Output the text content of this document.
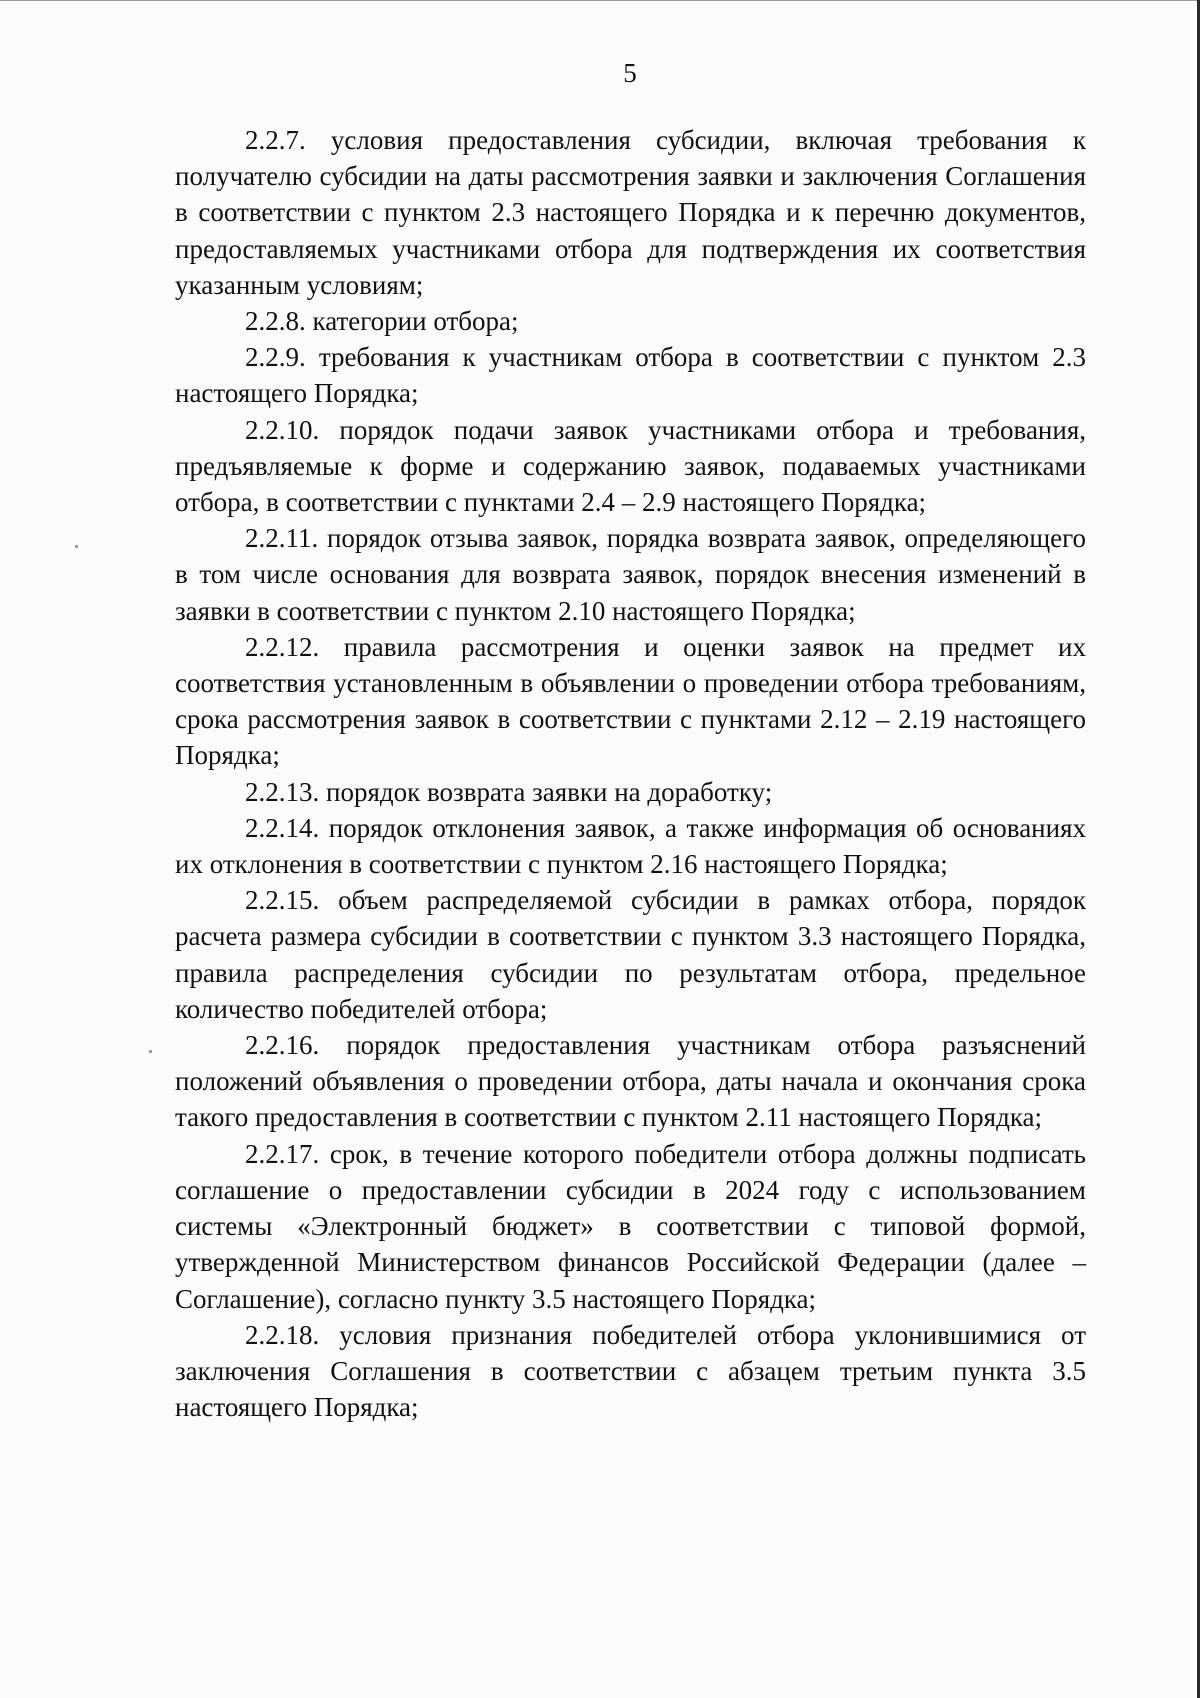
5

2.2.7. условия предоставления субсидии, включая требования к получателю субсидии на даты рассмотрения заявки и заключения Соглашения в соответствии с пунктом 2.3 настоящего Порядка и к перечню документов, предоставляемых участниками отбора для подтверждения их соответствия указанным условиям;

2.2.8. категории отбора;

2.2.9. требования к участникам отбора в соответствии с пунктом 2.3 настоящего Порядка;

2.2.10. порядок подачи заявок участниками отбора и требования, предъявляемые к форме и содержанию заявок, подаваемых участниками отбора, в соответствии с пунктами 2.4 – 2.9 настоящего Порядка;

2.2.11. порядок отзыва заявок, порядка возврата заявок, определяющего в том числе основания для возврата заявок, порядок внесения изменений в заявки в соответствии с пунктом 2.10 настоящего Порядка;

2.2.12. правила рассмотрения и оценки заявок на предмет их соответствия установленным в объявлении о проведении отбора требованиям, срока рассмотрения заявок в соответствии с пунктами 2.12 – 2.19 настоящего Порядка;

2.2.13. порядок возврата заявки на доработку;

2.2.14. порядок отклонения заявок, а также информация об основаниях их отклонения в соответствии с пунктом 2.16 настоящего Порядка;

2.2.15. объем распределяемой субсидии в рамках отбора, порядок расчета размера субсидии в соответствии с пунктом 3.3 настоящего Порядка, правила распределения субсидии по результатам отбора, предельное количество победителей отбора;

2.2.16. порядок предоставления участникам отбора разъяснений положений объявления о проведении отбора, даты начала и окончания срока такого предоставления в соответствии с пунктом 2.11 настоящего Порядка;

2.2.17. срок, в течение которого победители отбора должны подписать соглашение о предоставлении субсидии в 2024 году с использованием системы «Электронный бюджет» в соответствии с типовой формой, утвержденной Министерством финансов Российской Федерации (далее – Соглашение), согласно пункту 3.5 настоящего Порядка;

2.2.18. условия признания победителей отбора уклонившимися от заключения Соглашения в соответствии с абзацем третьим пункта 3.5 настоящего Порядка;
